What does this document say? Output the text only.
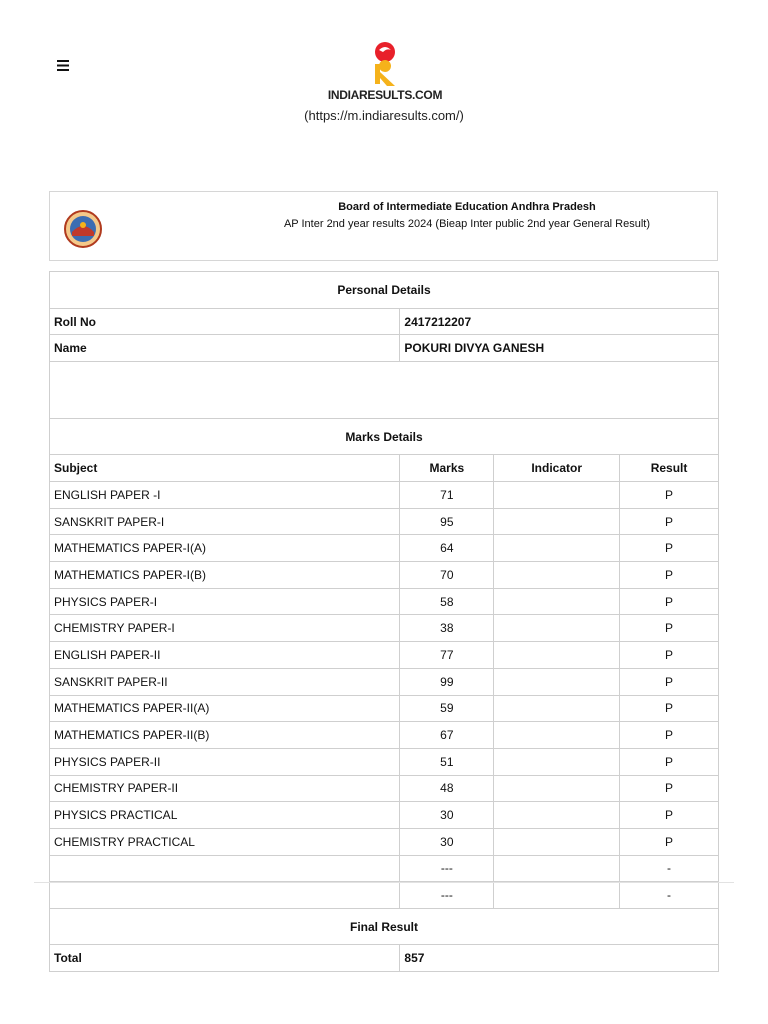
INDIARESULTS.COM
(https://m.indiaresults.com/)
Board of Intermediate Education Andhra Pradesh
AP Inter 2nd year results 2024 (Bieap Inter public 2nd year General Result)
Personal Details			
Roll No	2417212207		
Name	POKURI DIVYA GANESH		

Marks Details			
Subject	Marks	Indicator	Result
ENGLISH PAPER -I	71		P
SANSKRIT PAPER-I	95		P
MATHEMATICS PAPER-I(A)	64		P
MATHEMATICS PAPER-I(B)	70		P
PHYSICS PAPER-I	58		P
CHEMISTRY PAPER-I	38		P
ENGLISH PAPER-II	77		P
SANSKRIT PAPER-II	99		P
MATHEMATICS PAPER-II(A)	59		P
MATHEMATICS PAPER-II(B)	67		P
PHYSICS PAPER-II	51		P
CHEMISTRY PAPER-II	48		P
PHYSICS PRACTICAL	30		P
CHEMISTRY PRACTICAL	30		P
	---		-
	---		-
Final Result			
Total	857		
